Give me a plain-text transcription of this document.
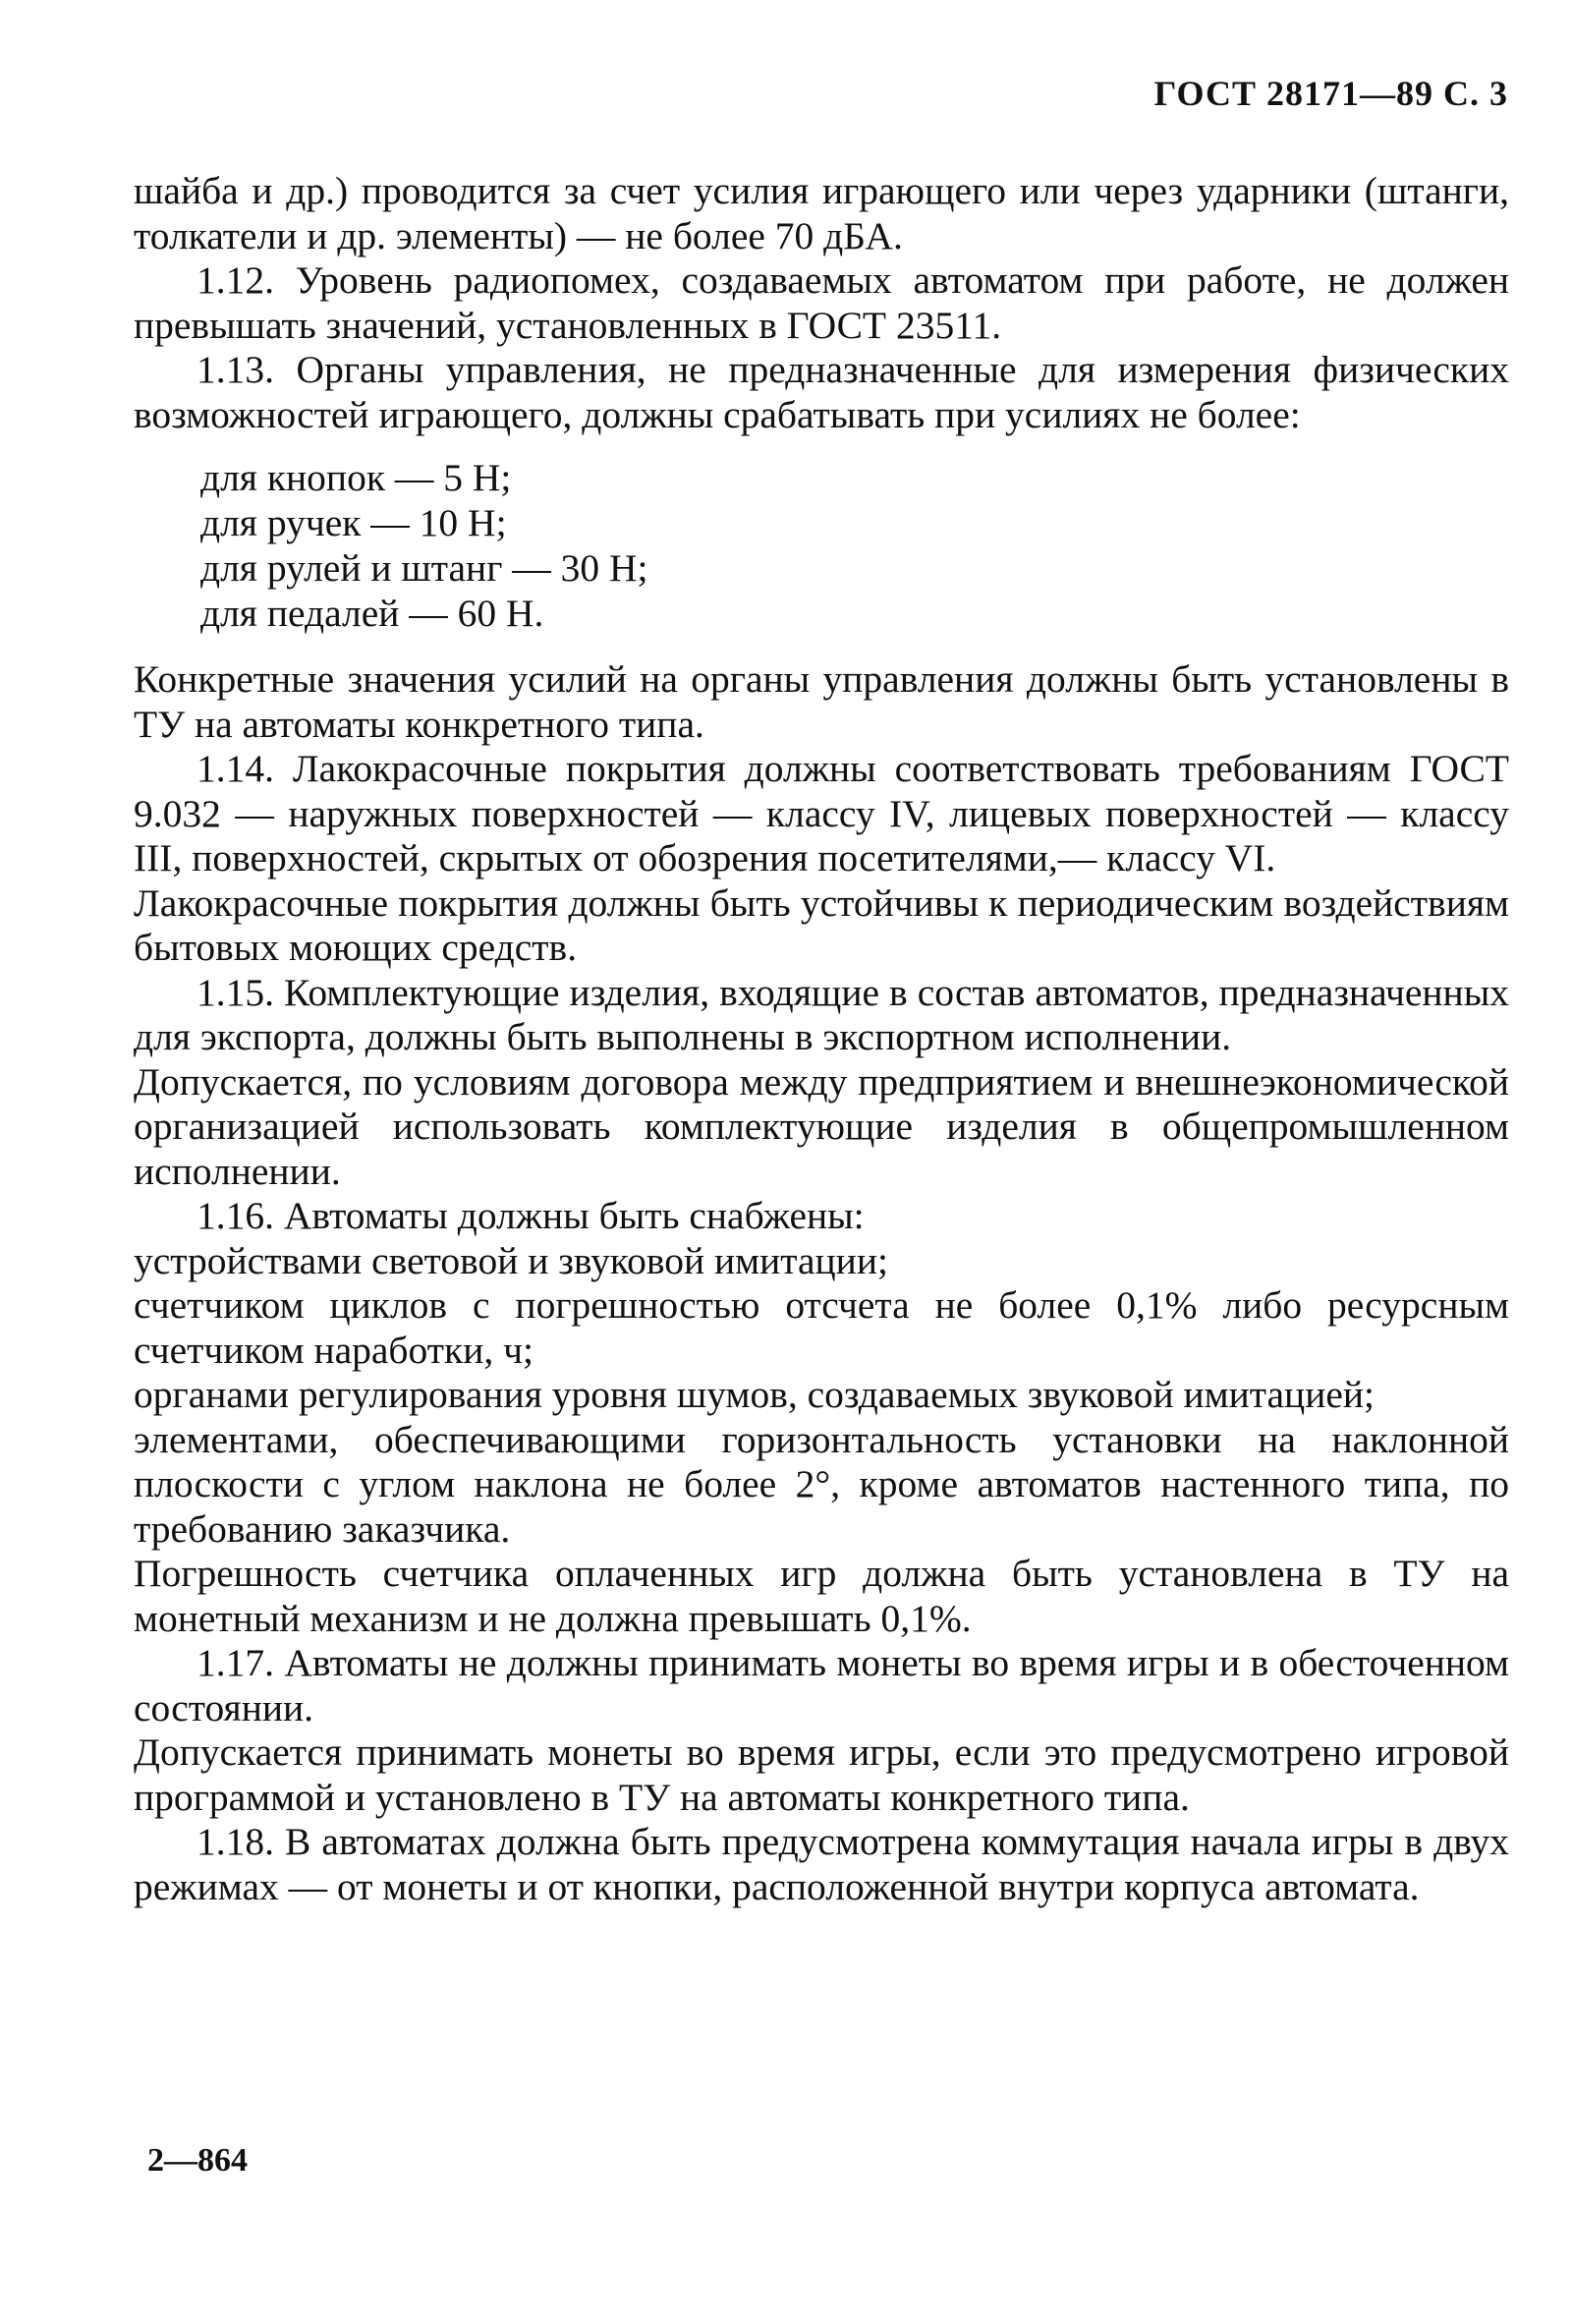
ГОСТ 28171—89 С. 3

шайба и др.) проводится за счет усилия играющего или через ударники (штанги, толкатели и др. элементы) — не более 70 дБА.

1.12. Уровень радиопомех, создаваемых автоматом при работе, не должен превышать значений, установленных в ГОСТ 23511.

1.13. Органы управления, не предназначенные для измерения физических возможностей играющего, должны срабатывать при усилиях не более:

для кнопок — 5 Н;
для ручек — 10 Н;
для рулей и штанг — 30 Н;
для педалей — 60 Н.

Конкретные значения усилий на органы управления должны быть установлены в ТУ на автоматы конкретного типа.

1.14. Лакокрасочные покрытия должны соответствовать требованиям ГОСТ 9.032 — наружных поверхностей — классу IV, лицевых поверхностей — классу III, поверхностей, скрытых от обозрения посетителями,— классу VI.

Лакокрасочные покрытия должны быть устойчивы к периодическим воздействиям бытовых моющих средств.

1.15. Комплектующие изделия, входящие в состав автоматов, предназначенных для экспорта, должны быть выполнены в экспортном исполнении.

Допускается, по условиям договора между предприятием и внешнеэкономической организацией использовать комплектующие изделия в общепромышленном исполнении.

1.16. Автоматы должны быть снабжены:

устройствами световой и звуковой имитации;

счетчиком циклов с погрешностью отсчета не более 0,1% либо ресурсным счетчиком наработки, ч;

органами регулирования уровня шумов, создаваемых звуковой имитацией;

элементами, обеспечивающими горизонтальность установки на наклонной плоскости с углом наклона не более 2°, кроме автоматов настенного типа, по требованию заказчика.

Погрешность счетчика оплаченных игр должна быть установлена в ТУ на монетный механизм и не должна превышать 0,1%.

1.17. Автоматы не должны принимать монеты во время игры и в обесточенном состоянии.

Допускается принимать монеты во время игры, если это предусмотрено игровой программой и установлено в ТУ на автоматы конкретного типа.

1.18. В автоматах должна быть предусмотрена коммутация начала игры в двух режимах — от монеты и от кнопки, расположенной внутри корпуса автомата.

2—864
